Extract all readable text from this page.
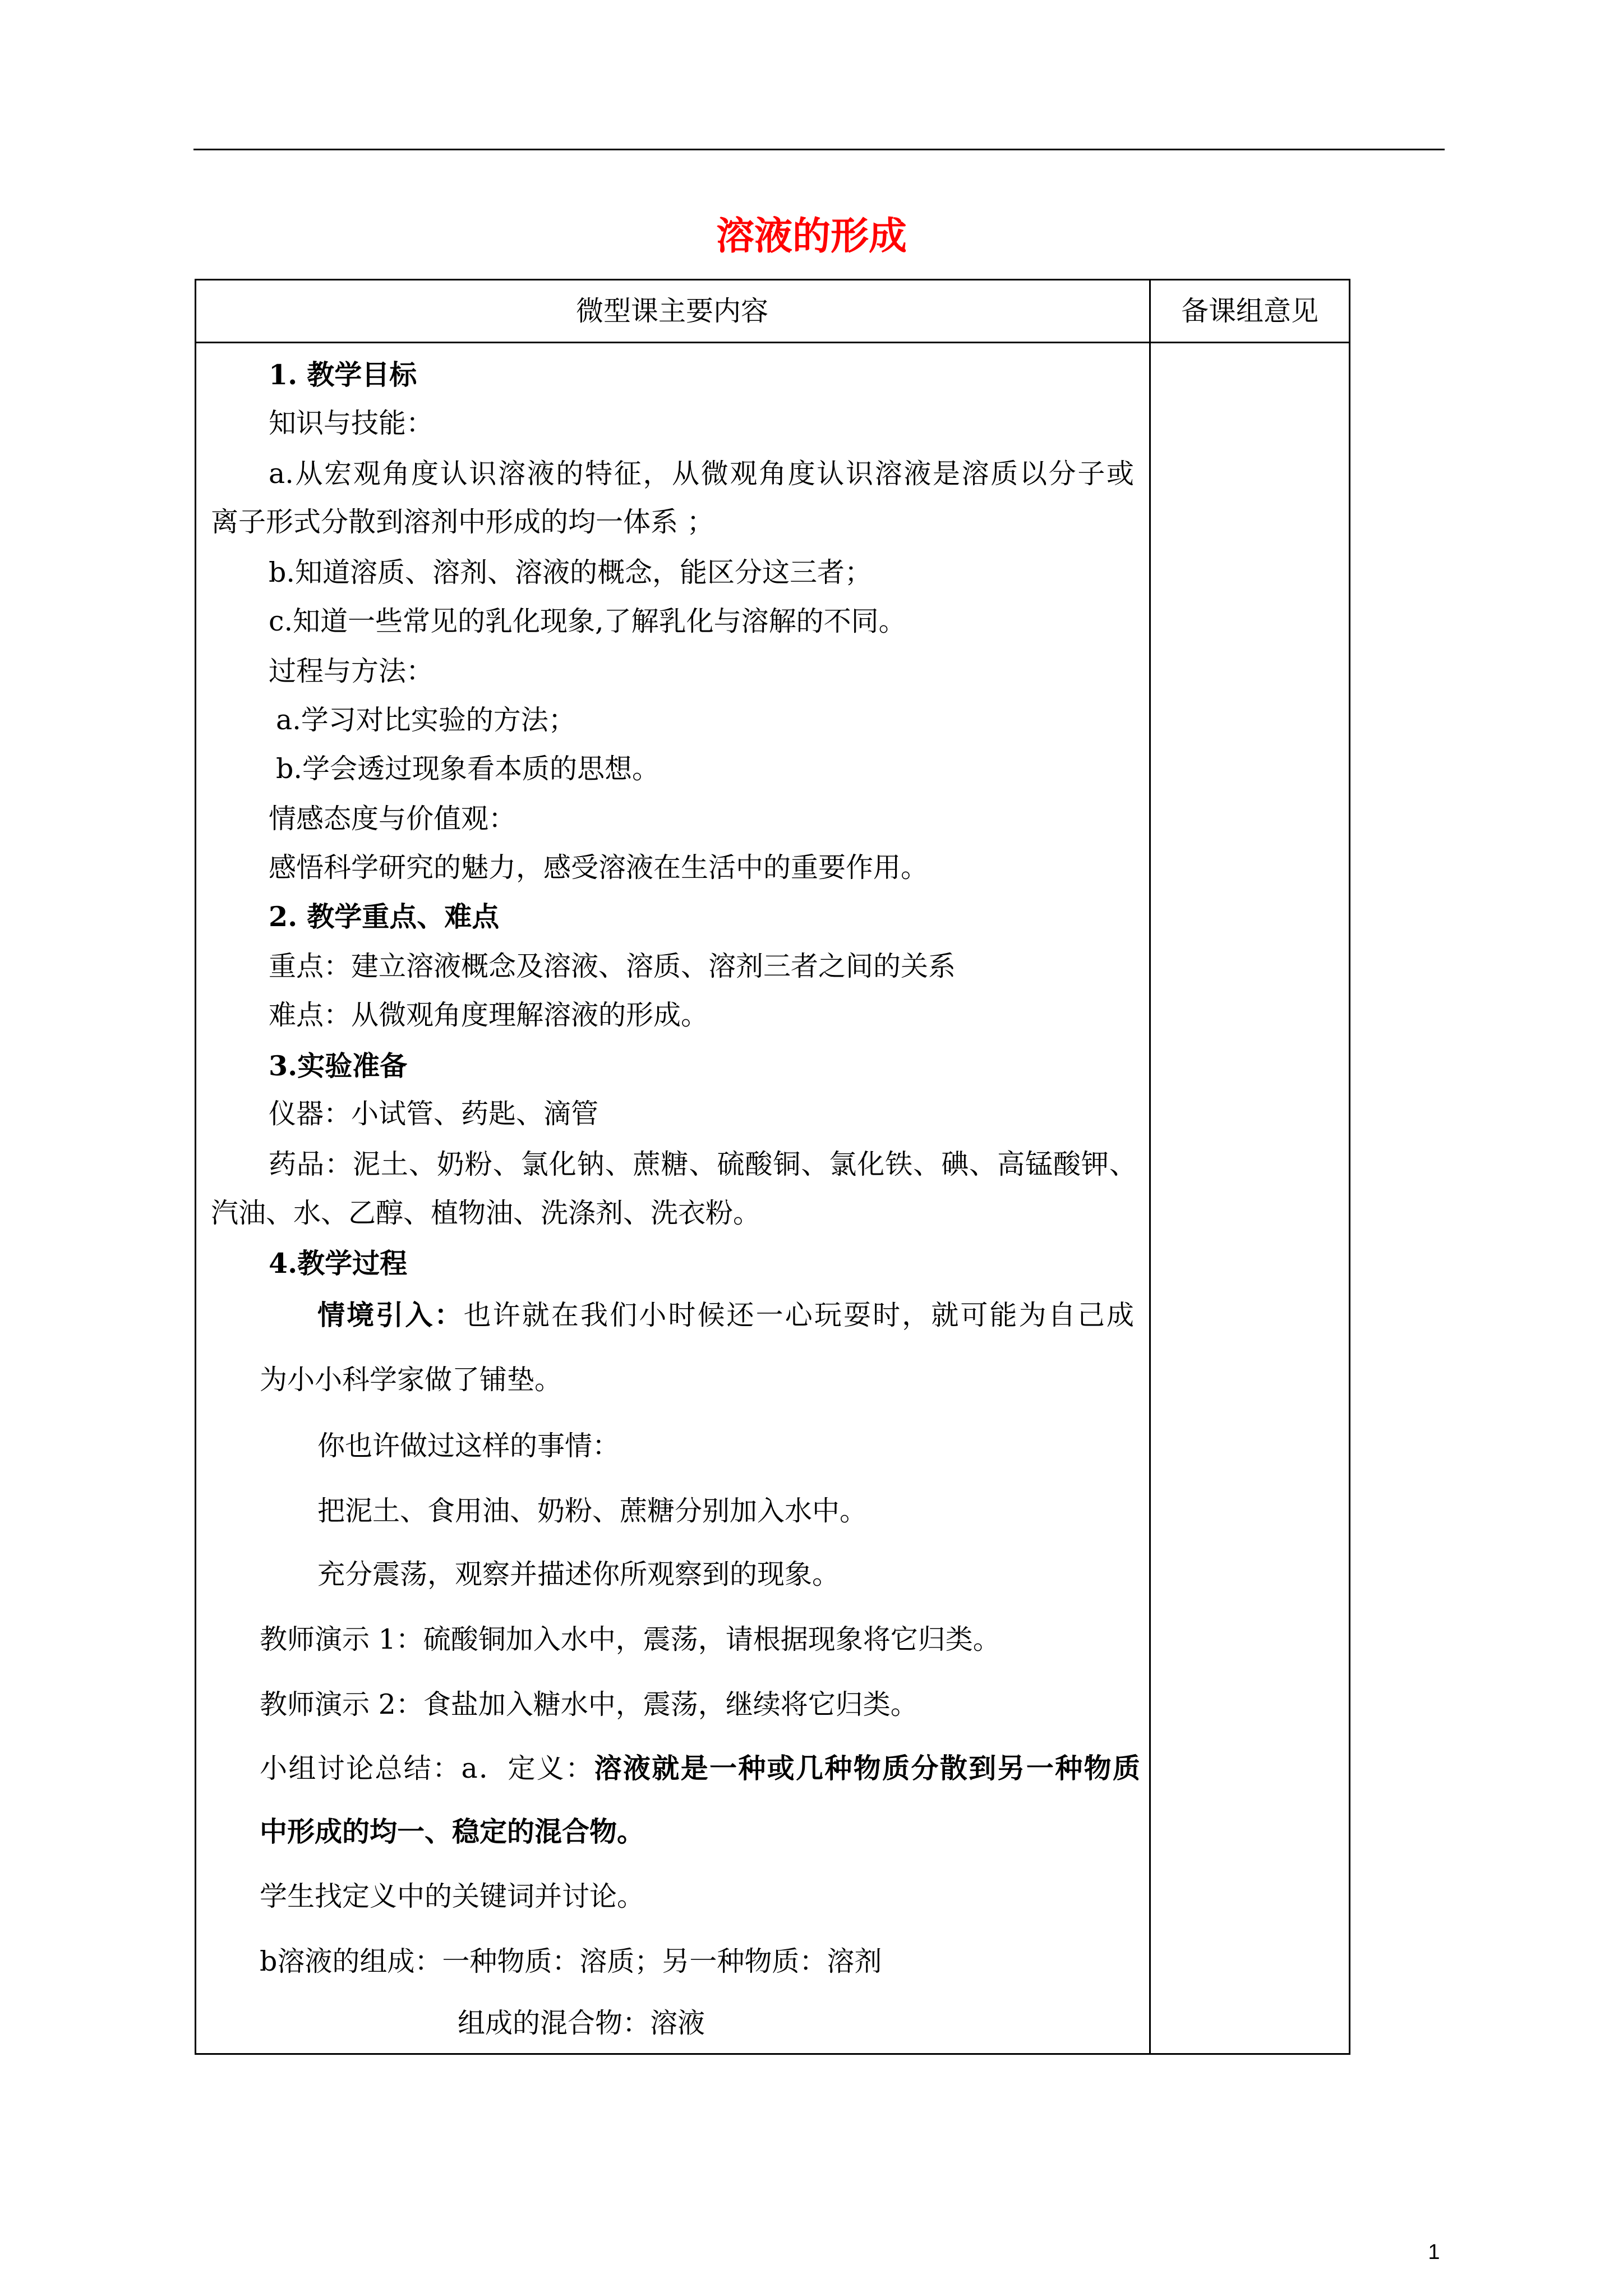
溶液的形成
微型课主要内容	备课组意见
1. 教学目标
知识与技能：
a.从宏观角度认识溶液的特征，从微观角度认识溶液是溶质以分子或
离子形式分散到溶剂中形成的均一体系 ；
b.知道溶质、溶剂、溶液的概念，能区分这三者；
c.知道一些常见的乳化现象,了解乳化与溶解的不同。
过程与方法：
a.学习对比实验的方法；
b.学会透过现象看本质的思想。
情感态度与价值观：
感悟科学研究的魅力，感受溶液在生活中的重要作用。
2. 教学重点、难点
重点：建立溶液概念及溶液、溶质、溶剂三者之间的关系
难点：从微观角度理解溶液的形成。
3.实验准备
仪器：小试管、药匙、滴管
药品：泥土、奶粉、氯化钠、蔗糖、硫酸铜、氯化铁、碘、高锰酸钾、
汽油、水、乙醇、植物油、洗涤剂、洗衣粉。
4.教学过程
情境引入：也许就在我们小时候还一心玩耍时，就可能为自己成
为小小科学家做了铺垫。
你也许做过这样的事情：
把泥土、食用油、奶粉、蔗糖分别加入水中。
充分震荡，观察并描述你所观察到的现象。
教师演示 1：硫酸铜加入水中，震荡，请根据现象将它归类。
教师演示 2：食盐加入糖水中，震荡，继续将它归类。
小组讨论总结：a．定义：溶液就是一种或几种物质分散到另一种物质
中形成的均一、稳定的混合物。
学生找定义中的关键词并讨论。
b溶液的组成：一种物质：溶质；另一种物质：溶剂
组成的混合物：溶液
1
